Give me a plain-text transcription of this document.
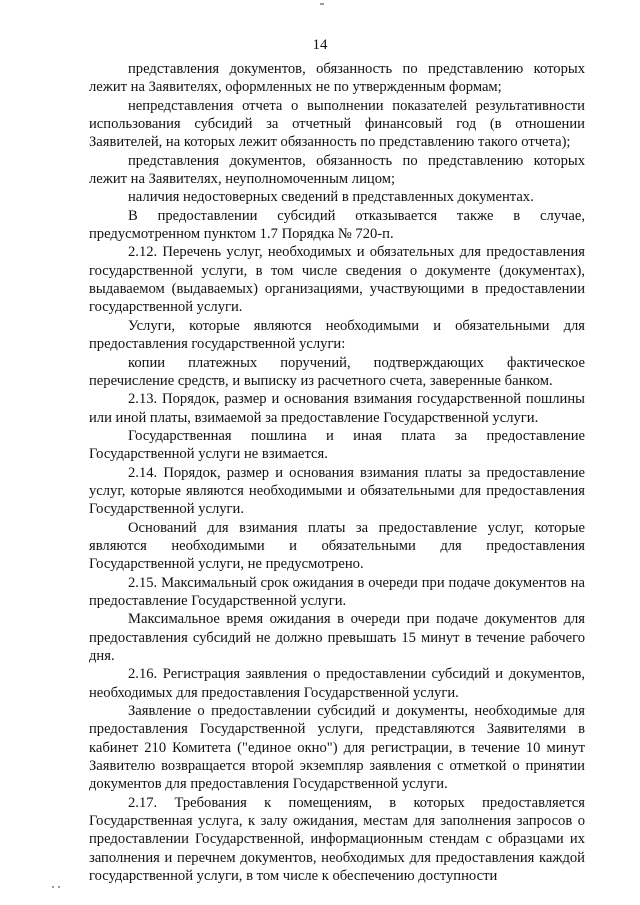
14

представления документов, обязанность по представлению которых лежит на Заявителях, оформленных не по утвержденным формам;

непредставления отчета о выполнении показателей результативности использования субсидий за отчетный финансовый год (в отношении Заявителей, на которых лежит обязанность по представлению такого отчета);

представления документов, обязанность по представлению которых лежит на Заявителях, неуполномоченным лицом;

наличия недостоверных сведений в представленных документах.

В предоставлении субсидий отказывается также в случае, предусмотренном пунктом 1.7 Порядка № 720-п.

2.12. Перечень услуг, необходимых и обязательных для предоставления государственной услуги, в том числе сведения о документе (документах), выдаваемом (выдаваемых) организациями, участвующими в предоставлении государственной услуги.

Услуги, которые являются необходимыми и обязательными для предоставления государственной услуги:

копии платежных поручений, подтверждающих фактическое перечисление средств, и выписку из расчетного счета, заверенные банком.

2.13. Порядок, размер и основания взимания государственной пошлины или иной платы, взимаемой за предоставление Государственной услуги.

Государственная пошлина и иная плата за предоставление Государственной услуги не взимается.

2.14. Порядок, размер и основания взимания платы за предоставление услуг, которые являются необходимыми и обязательными для предоставления Государственной услуги.

Оснований для взимания платы за предоставление услуг, которые являются необходимыми и обязательными для предоставления Государственной услуги, не предусмотрено.

2.15. Максимальный срок ожидания в очереди при подаче документов на предоставление Государственной услуги.

Максимальное время ожидания в очереди при подаче документов для предоставления субсидий не должно превышать 15 минут в течение рабочего дня.

2.16. Регистрация заявления о предоставлении субсидий и документов, необходимых для предоставления Государственной услуги.

Заявление о предоставлении субсидий и документы, необходимые для предоставления Государственной услуги, представляются Заявителями в кабинет 210 Комитета ("единое окно") для регистрации, в течение 10 минут Заявителю возвращается второй экземпляр заявления с отметкой о принятии документов для предоставления Государственной услуги.

2.17. Требования к помещениям, в которых предоставляется Государственная услуга, к залу ожидания, местам для заполнения запросов о предоставлении Государственной, информационным стендам с образцами их заполнения и перечнем документов, необходимых для предоставления каждой государственной услуги, в том числе к обеспечению доступности
